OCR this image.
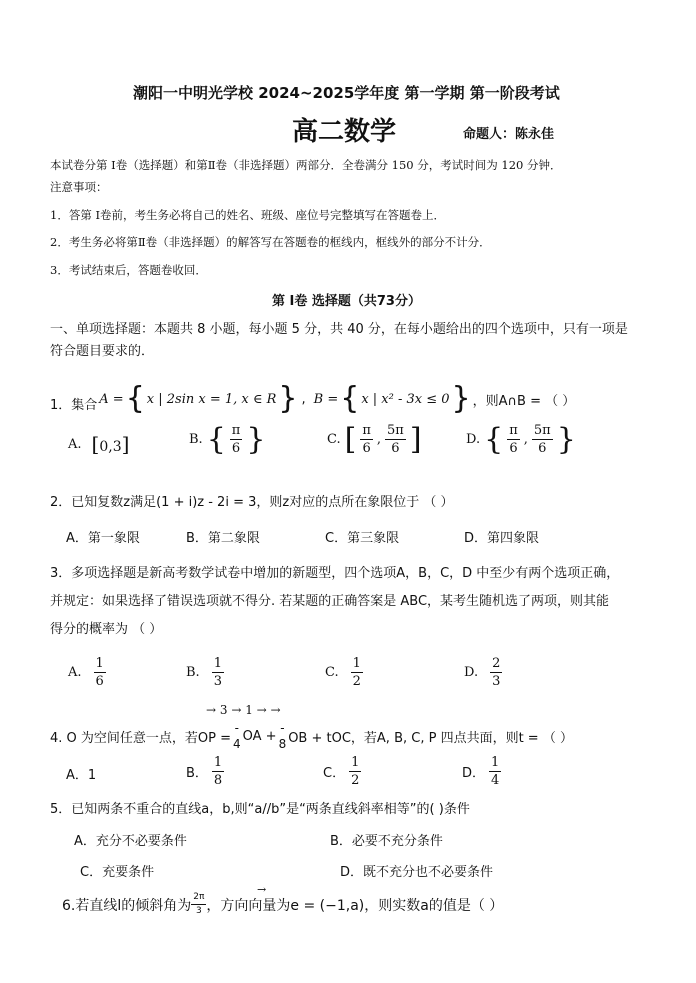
潮阳一中明光学校 2024~2025学年度 第一学期 第一阶段考试
高二数学	命题人：陈永佳
本试卷分第 Ⅰ卷（选择题）和第Ⅱ卷（非选择题）两部分．全卷满分 150 分，考试时间为 120 分钟．
注意事项：
1．答第 Ⅰ卷前，考生务必将自己的姓名、班级、座位号完整填写在答题卷上．
2．考生务必将第Ⅱ卷（非选择题）的解答写在答题卷的框线内，框线外的部分不计分．
3．考试结束后，答题卷收回．
第 Ⅰ卷 选择题（共73分）
一、单项选择题：本题共 8 小题，每小题 5 分，共 40 分，在每小题给出的四个选项中，只有一项是
符合题目要求的．
1．集合 A = { x | 2sin x = 1, x ∈ R } , B = { x | x² - 3x ≤ 0 } ，则A∩B = （ ）
A. [0,3]	B. { $\frac{\pi}{6}$ }	C. [ $\frac{\pi}{6}$ , $\frac{5\pi}{6}$ ]	D. { $\frac{\pi}{6}$ , $\frac{5\pi}{6}$ }
2．已知复数z满足(1 + i)z - 2i = 3，则z对应的点所在象限位于 （ ）
A．第一象限	B．第二象限	C．第三象限	D．第四象限
3．多项选择题是新高考数学试卷中增加的新题型，四个选项A，B，C，D 中至少有两个选项正确，
并规定：如果选择了错误选项就不得分. 若某题的正确答案是 ABC，某考生随机选了两项，则其能
得分的概率为 （ ）
A. $\frac{1}{6}$	B. $\frac{1}{3}$	C. $\frac{1}{2}$	D. $\frac{2}{3}$
→ 3 → 1 → →
4. O 为空间任意一点，若OP =
-
4
OA +
-
8 OB + tOC，若A, B, C, P 四点共面，则t = （ ）
A．1	B． $\frac{1}{8}$	C． $\frac{1}{2}$	D． $\frac{1}{4}$
5．已知两条不重合的直线a，b,则“a//b”是“两条直线斜率相等”的( )条件
A．充分不必要条件	B．必要不充分条件
C．充要条件	D．既不充分也不必要条件
→
6.若直线l的倾斜角为 $\frac{2\pi}{3}$ ，方向向量为e = (−1,a)，则实数a的值是（ ）
